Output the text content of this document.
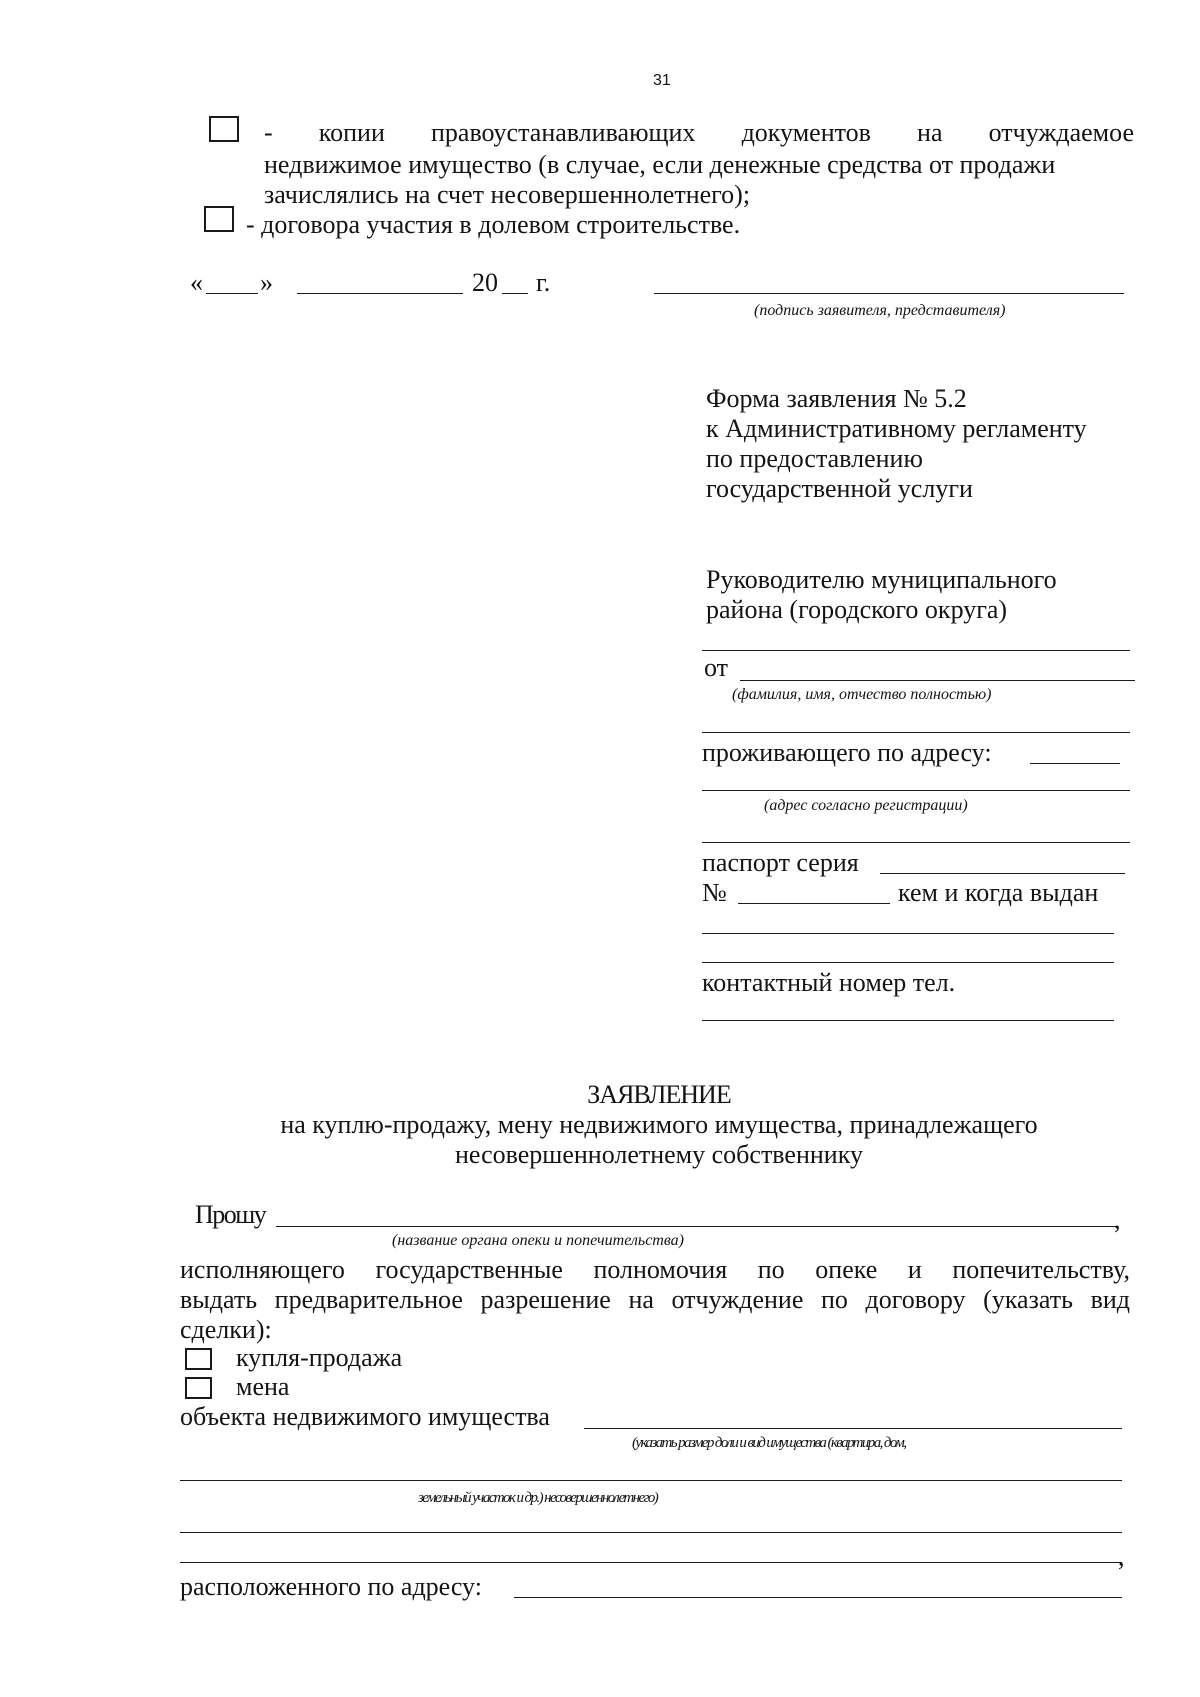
31
- копии правоустанавливающих документов на отчуждаемое
недвижимое имущество (в случае, если денежные средства от продажи
зачислялись на счет несовершеннолетнего);
- договора участия в долевом строительстве.
« »	20 г.
(подпись заявителя, представителя)
Форма заявления № 5.2
к Административному регламенту
по предоставлению
государственной услуги
Руководителю муниципального
района (городского округа)
от
(фамилия, имя, отчество полностью)
проживающего по адресу:
(адрес согласно регистрации)
паспорт серия
№	кем и когда выдан
контактный номер тел.
ЗАЯВЛЕНИЕ
на куплю-продажу, мену недвижимого имущества, принадлежащего
несовершеннолетнему собственнику
Прошу	,
(название органа опеки и попечительства)
исполняющего государственные полномочия по опеке и попечительству,
выдать предварительное разрешение на отчуждение по договору (указать вид
сделки):
купля-продажа
мена
объекта недвижимого имущества
(указать размер доли и вид имущества (квартира, дом,
земельный участок и др.) несовершеннолетнего)
,
расположенного по адресу:
